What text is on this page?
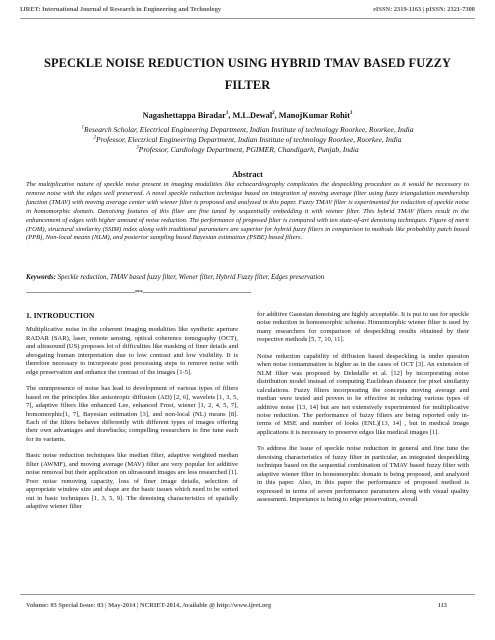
IJRET: International Journal of Research in Engineering and Technology	eISSN: 2319-1163 | pISSN: 2321-7308
SPECKLE NOISE REDUCTION USING HYBRID TMAV BASED FUZZY FILTER
Nagashettappa Biradar$^1$, M.L.Dewal$^2$, ManojKumar Rohit$^3$
$^1$Research Scholar, Electrical Engineering Department, Indian Institute of technology Roorkee, Roorkee, India
$^2$Professor, Electrical Engineering Department, Indian Institute of technology Roorkee, Roorkee, India
$^3$Professor, Cardiology Department, PGIMER, Chandigarh, Punjab, India
Abstract
The multiplicative nature of speckle noise present in imaging modalities like echocardiography complicates the despeckling procedure as it would be necessary to remove noise with the edges well preserved. A novel speckle reduction technique based on integration of moving average filter using fuzzy triangulation membership function (TMAV) with moving average center with wiener filter is proposed and analyzed in this paper. Fuzzy TMAV filter is experimented for reduction of speckle noise in homomorphic domain. Denoising features of this filter are fine tuned by sequentially embedding it with wiener filter. This hybrid TMAV filters result in the enhancement of edges with higher amount of noise reduction. The performance of proposed filter is compared with ten state-of-art denoising techniques. Figure of merit (FOM), structural similarity (SSIM) index along with traditional parameters are superior for hybrid fuzzy filters in comparison to methods like probability patch based (PPB), Non-local means (NLM), and posterior sampling based Bayesian estimation (PSBE) based filters.
Keywords: Speckle reduction, TMAV based fuzzy filter, Wiener filter, Hybrid Fuzzy filter, Edges preservation
-----------------------------------------------------------------------***-----------------------------------------------------------------------
1. INTRODUCTION

Multiplicative noise in the coherent imaging modalities like synthetic aperture RADAR (SAR), laser, remote sensing, optical coherence tomography (OCT), and ultrasound (US) proposes lot of difficulties like masking of finer details and abrogating human interpretation due to low contrast and low visibility. It is therefore necessary to incorporate post processing steps to remove noise with edge preservation and enhance the contrast of the images [1-5].

The omnipresence of noise has lead to development of various types of filters based on the principles like anisotropic diffusion (AD) [2, 6], wavelets [1, 3, 5, 7], adaptive filters like enhanced Lee, enhanced Frost, wiener [1, 2, 4, 5, 7], homomorphic[1, 7], Bayesian estimation [3], and non-local (NL) means [8]. Each of the filters behaves differently with different types of images offering their own advantages and drawbacks; compelling researchers to fine tune each for its variants.

Basic noise reduction techniques like median filter, adaptive weighted median filter (AWMF), and moving average (MAV) filter are very popular for additive noise removal but their application on ultrasound images are less researched [1]. Poor noise removing capacity, loss of finer image details, selection of appropriate window size and shape are the basic issues which need to be sorted out in basic techniques [1, 3, 5, 9]. The denoising characteristics of spatially adaptive wiener filter

for additive Gaussian denoising are highly acceptable. It is put to use for speckle noise reduction in homomorphic scheme. Homomorphic wiener filter is used by many researchers for comparison of despeckling results obtained by their respective methods [5, 7, 10, 11].

Noise reduction capability of diffusion based despeckling is under question when noise contamination is higher as in the cases of OCT [3]. An extension of NLM filter was proposed by Deledalle et al. [12] by incorporating noise distribution model instead of computing Euclidean distance for pixel similarity calculations. Fuzzy filters incorporating the concepts moving average and median were tested and proven to be effective in reducing various types of additive noise [13, 14] but are not extensively experimented for multiplicative noise reduction. The performance of fuzzy filters are being reported only in-terms of MSE and number of looks (ENL)[13, 14] , but in medical image applications it is necessary to preserve edges like medical images [1].

To address the issue of speckle noise reduction in general and fine tune the denoising characteristics of fuzzy filter in particular, an integrated despeckling technique based on the sequential combination of TMAV based fuzzy filter with adaptive wiener filter in homomorphic domain is being proposed, and analyzed in this paper. Also, in this paper the performance of proposed method is expressed in terms of seven performance parameters along with visual quality assessment. Importance is being to edge preservation, overall

Volume: 03 Special Issue: 03 | May-2014 | NCRIET-2014, Available @ http://www.ijret.org	113
